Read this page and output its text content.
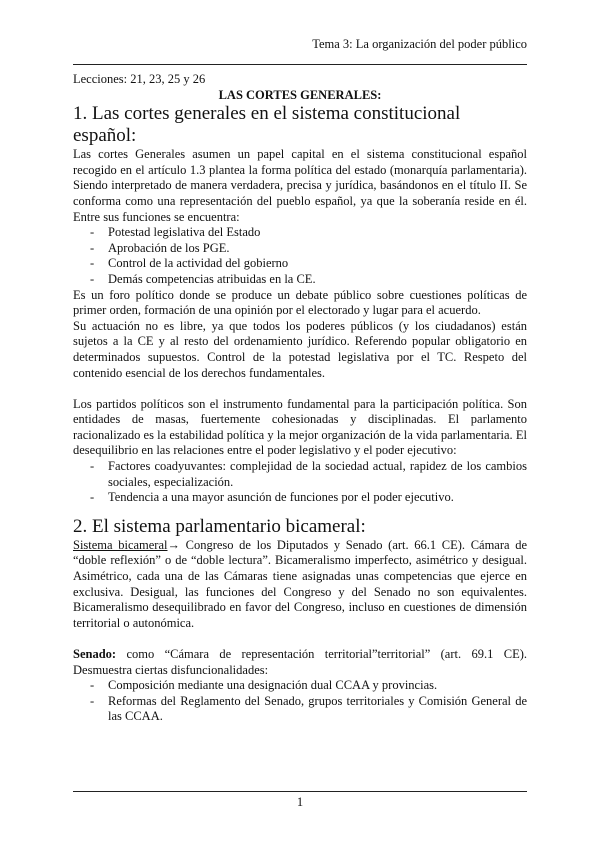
Tema 3: La organización del poder público

Lecciones: 21, 23, 25 y 26

LAS CORTES GENERALES:

1. Las cortes generales en el sistema constitucional español:

Las cortes Generales asumen un papel capital en el sistema constitucional español recogido en el artículo 1.3 plantea la forma política del estado (monarquía parlamentaria). Siendo interpretado de manera verdadera, precisa y jurídica, basándonos en el título II. Se conforma como una representación del pueblo español, ya que la soberanía reside en él. Entre sus funciones se encuentra:

- Potestad legislativa del Estado
- Aprobación de los PGE.
- Control de la actividad del gobierno
- Demás competencias atribuidas en la CE.

Es un foro político donde se produce un debate público sobre cuestiones políticas de primer orden, formación de una opinión por el electorado y lugar para el acuerdo.

Su actuación no es libre, ya que todos los poderes públicos (y los ciudadanos) están sujetos a la CE y al resto del ordenamiento jurídico. Referendo popular obligatorio en determinados supuestos. Control de la potestad legislativa por el TC. Respeto del contenido esencial de los derechos fundamentales.

Los partidos políticos son el instrumento fundamental para la participación política. Son entidades de masas, fuertemente cohesionadas y disciplinadas. El parlamento racionalizado es la estabilidad política y la mejor organización de la vida parlamentaria. El desequilibrio en las relaciones entre el poder legislativo y el poder ejecutivo:

- Factores coadyuvantes: complejidad de la sociedad actual, rapidez de los cambios sociales, especialización.
- Tendencia a una mayor asunción de funciones por el poder ejecutivo.
2. El sistema parlamentario bicameral:

Sistema bicameral→ Congreso de los Diputados y Senado (art. 66.1 CE). Cámara de “doble reflexión” o de “doble lectura”. Bicameralismo imperfecto, asimétrico y desigual. Asimétrico, cada una de las Cámaras tiene asignadas unas competencias que ejerce en exclusiva. Desigual, las funciones del Congreso y del Senado no son equivalentes. Bicameralismo desequilibrado en favor del Congreso, incluso en cuestiones de dimensión territorial o autonómica.

Senado: como “Cámara de representación territorial”territorial” (art. 69.1 CE). Desmuestra ciertas disfuncionalidades:

- Composición mediante una designación dual CCAA y provincias.
- Reformas del Reglamento del Senado, grupos territoriales y Comisión General de las CCAA.
1
